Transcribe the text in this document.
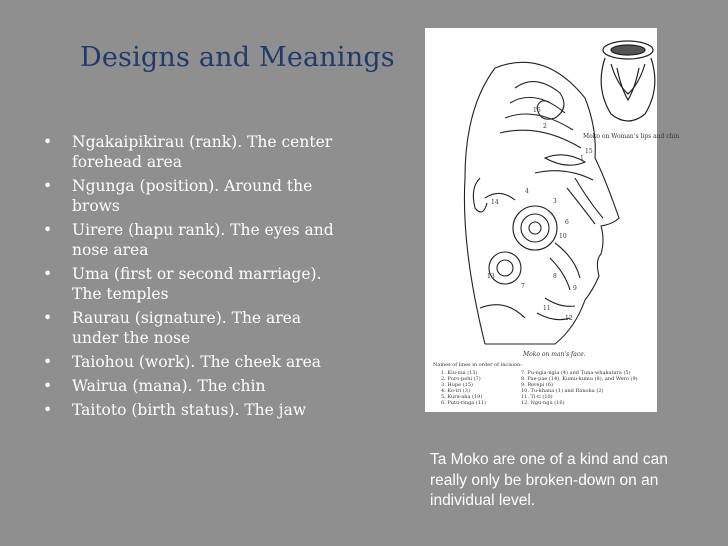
Designs and Meanings
• Ngakaipikirau (rank). The center forehead area
• Ngunga (position). Around the brows
• Uirere (hapu rank). The eyes and nose area
• Uma (first or second marriage). The temples
• Raurau (signature). The area under the nose
• Taiohou (work). The cheek area
• Wairua (mana). The chin
• Taitoto (birth status). The jaw
Moko on Woman's lips and chin
1
2
3
4
6
7
8
9
10
11
12
13
14
15
16
Moko on man's face.
Names of lines in order of incision:
1. Kiu-nui (13)
2. Puro-pehi (7)
3. Hupe (15)
4. Ko-iri (3)
5. Kura-aha (19)
6. Putu-ringa (11)
7. Pu-ngia-ngia (4) and Tuna-whakatara (5)
8. Pae-pae (14), Kumu-kumu (8), and Wero (9)
9. Rerepi (6)
10. Tu-khana (1) and Ranoha (2)
11. Ti-ti (10)
12. Ngu-ngu (16)
Ta Moko are one of a kind and can really only be broken-down on an individual level.
